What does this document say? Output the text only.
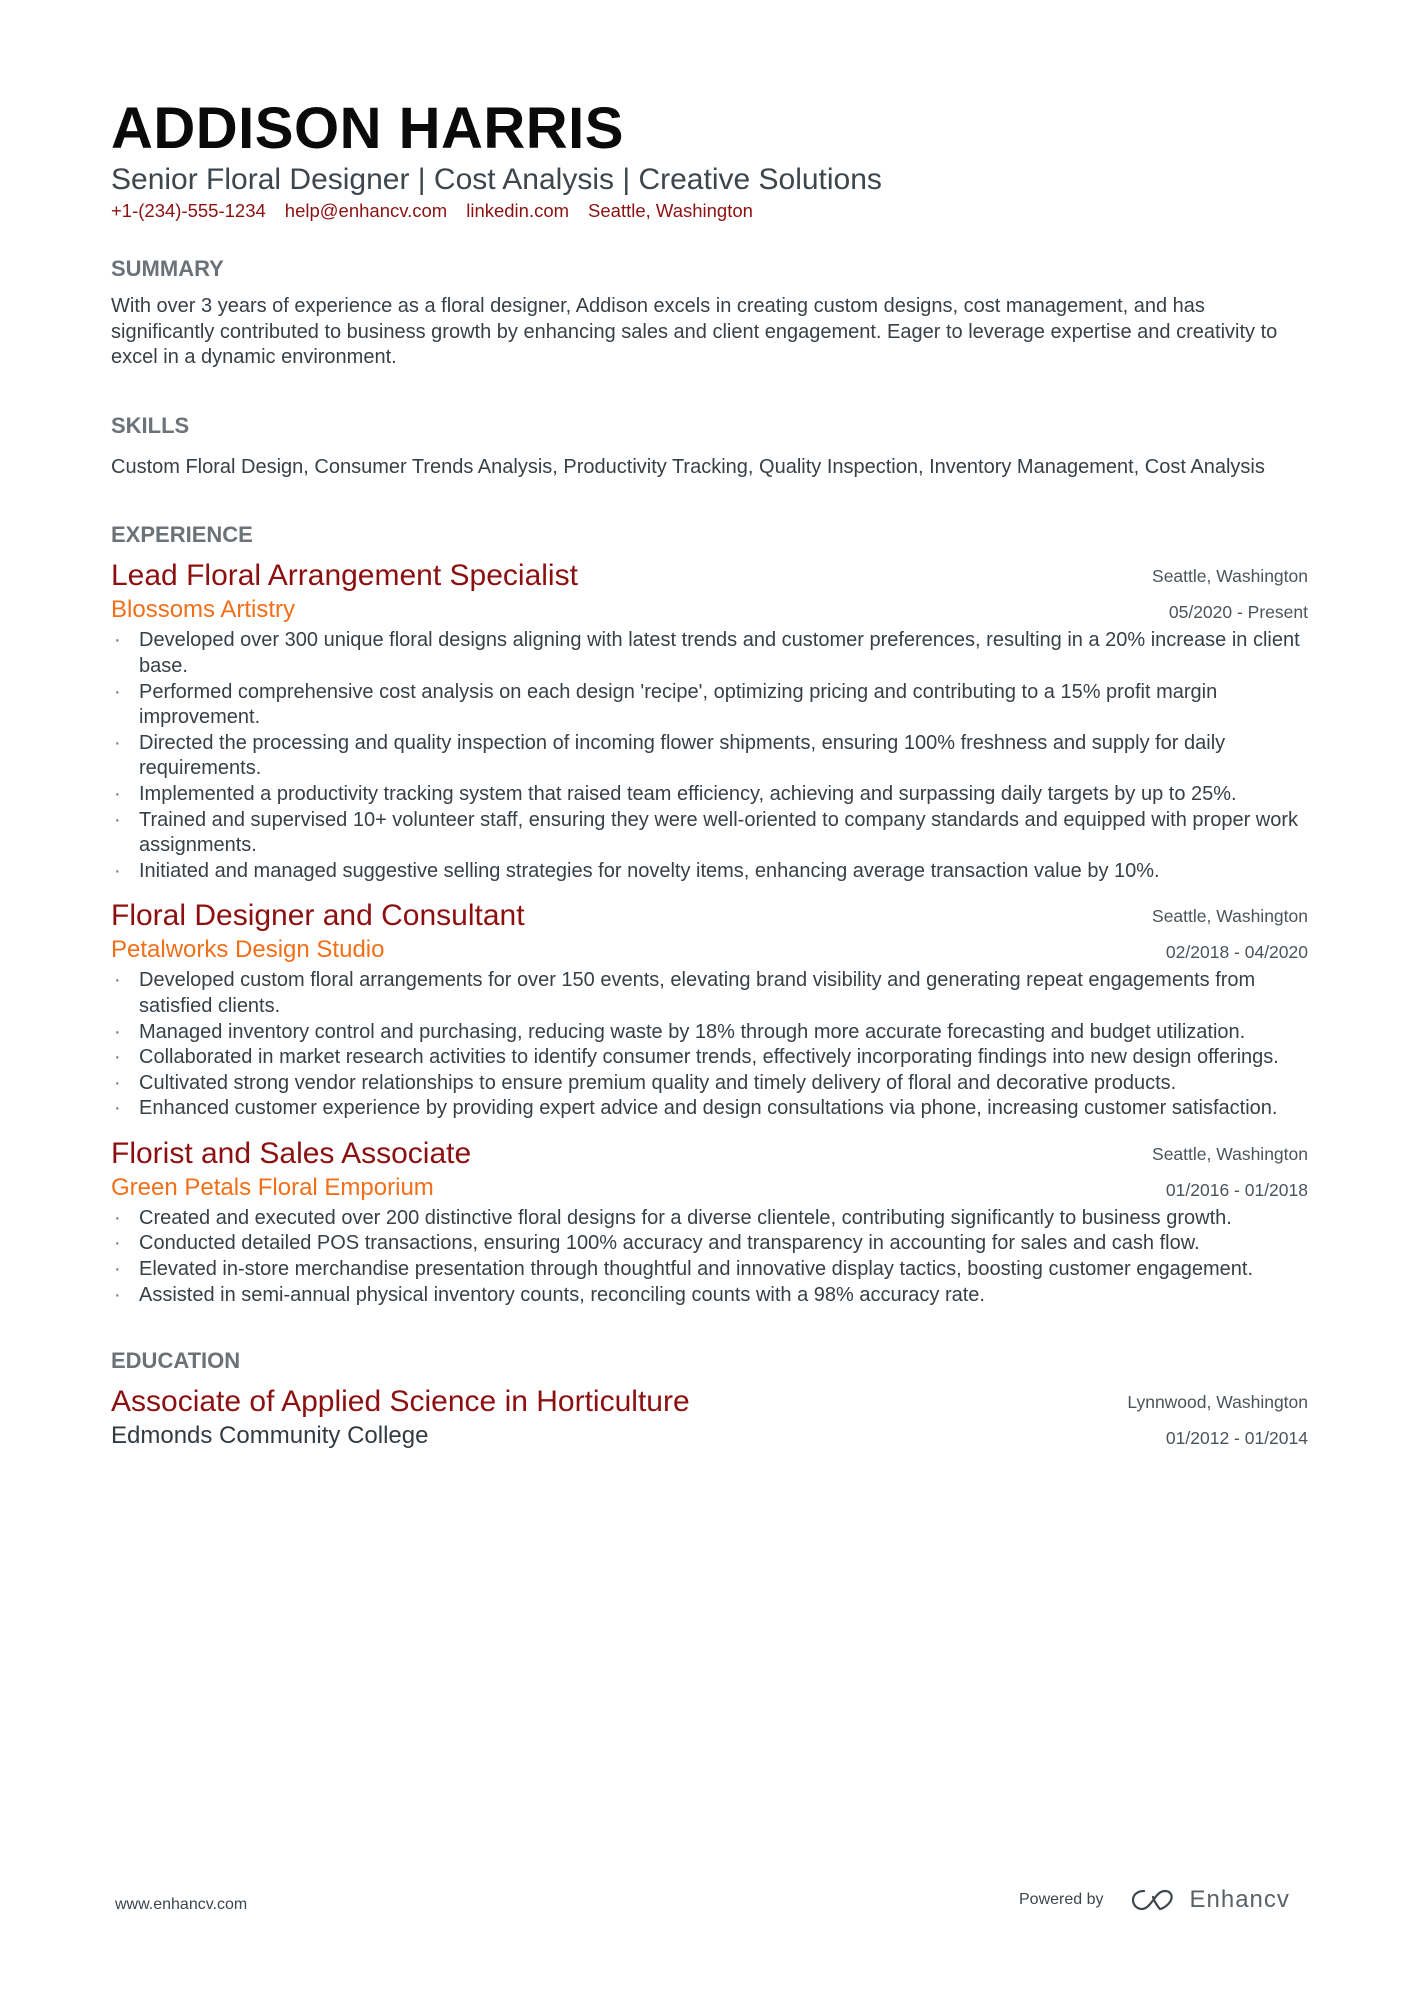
ADDISON HARRIS
Senior Floral Designer | Cost Analysis | Creative Solutions
+1-(234)-555-1234 help@enhancv.com linkedin.com Seattle, Washington
SUMMARY
With over 3 years of experience as a floral designer, Addison excels in creating custom designs, cost management, and has significantly contributed to business growth by enhancing sales and client engagement. Eager to leverage expertise and creativity to excel in a dynamic environment.
SKILLS
Custom Floral Design, Consumer Trends Analysis, Productivity Tracking, Quality Inspection, Inventory Management, Cost Analysis
EXPERIENCE
Lead Floral Arrangement Specialist
Blossoms Artistry
Seattle, Washington
05/2020 - Present
· Developed over 300 unique floral designs aligning with latest trends and customer preferences, resulting in a 20% increase in client base.
· Performed comprehensive cost analysis on each design 'recipe', optimizing pricing and contributing to a 15% profit margin improvement.
· Directed the processing and quality inspection of incoming flower shipments, ensuring 100% freshness and supply for daily requirements.
· Implemented a productivity tracking system that raised team efficiency, achieving and surpassing daily targets by up to 25%.
· Trained and supervised 10+ volunteer staff, ensuring they were well-oriented to company standards and equipped with proper work assignments.
· Initiated and managed suggestive selling strategies for novelty items, enhancing average transaction value by 10%.
Floral Designer and Consultant
Petalworks Design Studio
Seattle, Washington
02/2018 - 04/2020
· Developed custom floral arrangements for over 150 events, elevating brand visibility and generating repeat engagements from satisfied clients.
· Managed inventory control and purchasing, reducing waste by 18% through more accurate forecasting and budget utilization.
· Collaborated in market research activities to identify consumer trends, effectively incorporating findings into new design offerings.
· Cultivated strong vendor relationships to ensure premium quality and timely delivery of floral and decorative products.
· Enhanced customer experience by providing expert advice and design consultations via phone, increasing customer satisfaction.
Florist and Sales Associate
Green Petals Floral Emporium
Seattle, Washington
01/2016 - 01/2018
· Created and executed over 200 distinctive floral designs for a diverse clientele, contributing significantly to business growth.
· Conducted detailed POS transactions, ensuring 100% accuracy and transparency in accounting for sales and cash flow.
· Elevated in-store merchandise presentation through thoughtful and innovative display tactics, boosting customer engagement.
· Assisted in semi-annual physical inventory counts, reconciling counts with a 98% accuracy rate.
EDUCATION
Associate of Applied Science in Horticulture
Edmonds Community College
Lynnwood, Washington
01/2012 - 01/2014
www.enhancv.com	Powered by	Enhancv
